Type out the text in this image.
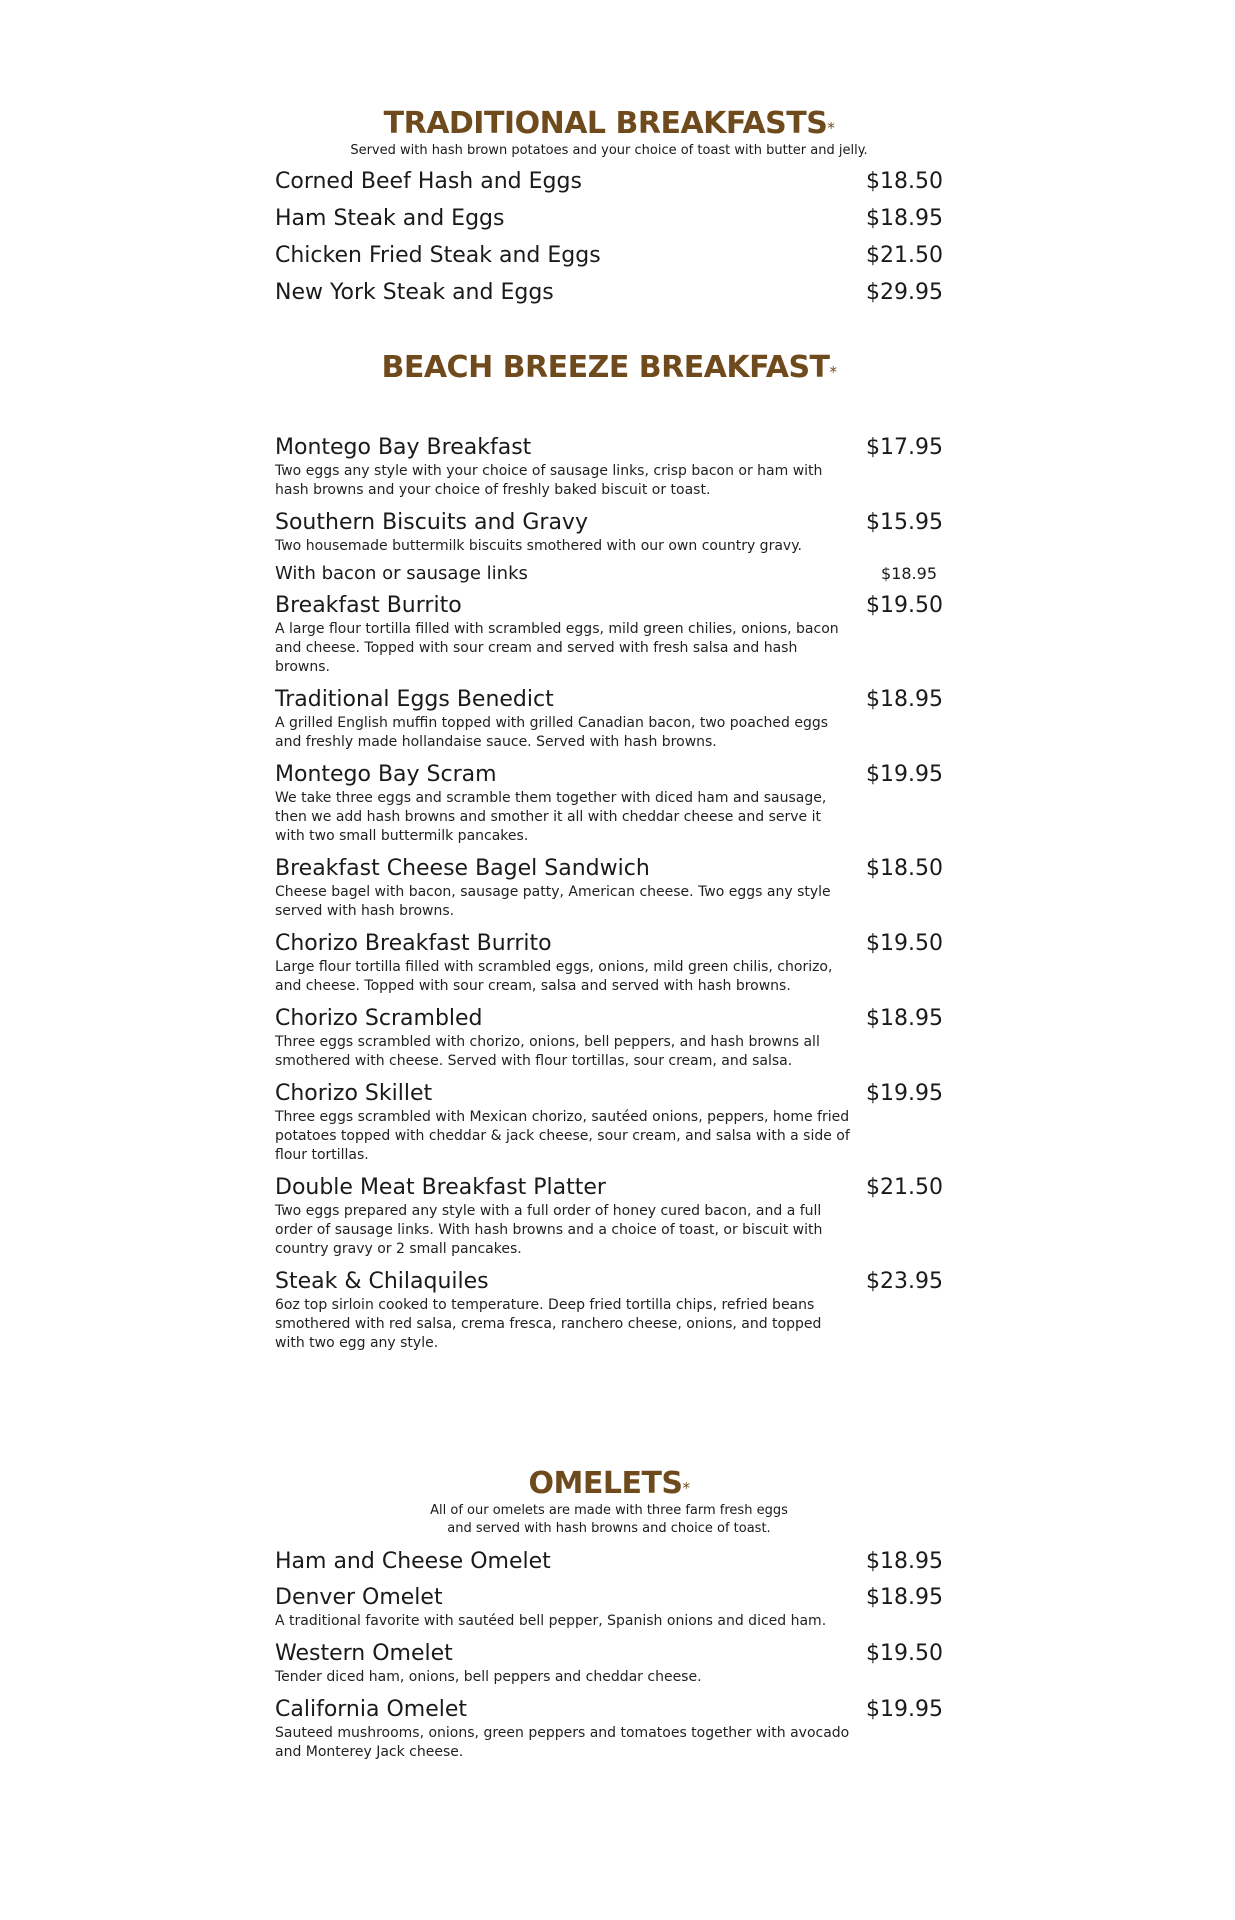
TRADITIONAL BREAKFASTS*

Served with hash brown potatoes and your choice of toast with butter and jelly.

Corned Beef Hash and Eggs	$18.50
Ham Steak and Eggs	$18.95
Chicken Fried Steak and Eggs	$21.50
New York Steak and Eggs	$29.95
BEACH BREEZE BREAKFAST*
Montego Bay Breakfast	$17.95

Two eggs any style with your choice of sausage links, crisp bacon or ham with hash browns and your choice of freshly baked biscuit or toast.

Southern Biscuits and Gravy	$15.95

Two housemade buttermilk biscuits smothered with our own country gravy.

With bacon or sausage links	$18.95
Breakfast Burrito	$19.50

A large flour tortilla filled with scrambled eggs, mild green chilies, onions, bacon and cheese. Topped with sour cream and served with fresh salsa and hash browns.

Traditional Eggs Benedict	$18.95

A grilled English muffin topped with grilled Canadian bacon, two poached eggs and freshly made hollandaise sauce. Served with hash browns.

Montego Bay Scram	$19.95

We take three eggs and scramble them together with diced ham and sausage, then we add hash browns and smother it all with cheddar cheese and serve it with two small buttermilk pancakes.

Breakfast Cheese Bagel Sandwich	$18.50

Cheese bagel with bacon, sausage patty, American cheese. Two eggs any style served with hash browns.

Chorizo Breakfast Burrito	$19.50

Large flour tortilla filled with scrambled eggs, onions, mild green chilis, chorizo, and cheese. Topped with sour cream, salsa and served with hash browns.

Chorizo Scrambled	$18.95

Three eggs scrambled with chorizo, onions, bell peppers, and hash browns all smothered with cheese. Served with flour tortillas, sour cream, and salsa.

Chorizo Skillet	$19.95

Three eggs scrambled with Mexican chorizo, sautéed onions, peppers, home fried potatoes topped with cheddar & jack cheese, sour cream, and salsa with a side of flour tortillas.

Double Meat Breakfast Platter	$21.50

Two eggs prepared any style with a full order of honey cured bacon, and a full order of sausage links. With hash browns and a choice of toast, or biscuit with country gravy or 2 small pancakes.

Steak & Chilaquiles	$23.95

6oz top sirloin cooked to temperature. Deep fried tortilla chips, refried beans smothered with red salsa, crema fresca, ranchero cheese, onions, and topped with two egg any style.

OMELETS*

All of our omelets are made with three farm fresh eggs

and served with hash browns and choice of toast.

Ham and Cheese Omelet	$18.95
Denver Omelet	$18.95

A traditional favorite with sautéed bell pepper, Spanish onions and diced ham.

Western Omelet	$19.50

Tender diced ham, onions, bell peppers and cheddar cheese.

California Omelet	$19.95

Sauteed mushrooms, onions, green peppers and tomatoes together with avocado and Monterey Jack cheese.
